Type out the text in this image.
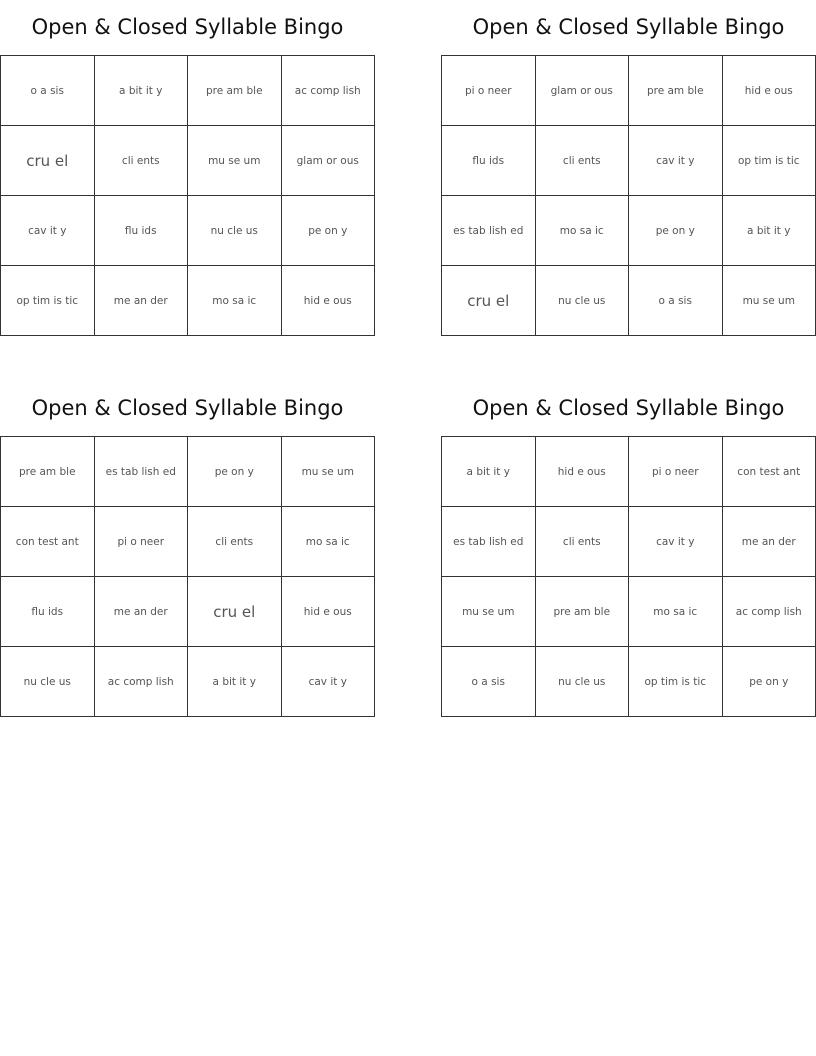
Open & Closed Syllable Bingo
o a sis	a bit it y	pre am ble	ac comp lish
cru el	cli ents	mu se um	glam or ous
cav it y	flu ids	nu cle us	pe on y
op tim is tic	me an der	mo sa ic	hid e ous
Open & Closed Syllable Bingo
pi o neer	glam or ous	pre am ble	hid e ous
flu ids	cli ents	cav it y	op tim is tic
es tab lish ed	mo sa ic	pe on y	a bit it y
cru el	nu cle us	o a sis	mu se um
Open & Closed Syllable Bingo
pre am ble	es tab lish ed	pe on y	mu se um
con test ant	pi o neer	cli ents	mo sa ic
flu ids	me an der	cru el	hid e ous
nu cle us	ac comp lish	a bit it y	cav it y
Open & Closed Syllable Bingo
a bit it y	hid e ous	pi o neer	con test ant
es tab lish ed	cli ents	cav it y	me an der
mu se um	pre am ble	mo sa ic	ac comp lish
o a sis	nu cle us	op tim is tic	pe on y
